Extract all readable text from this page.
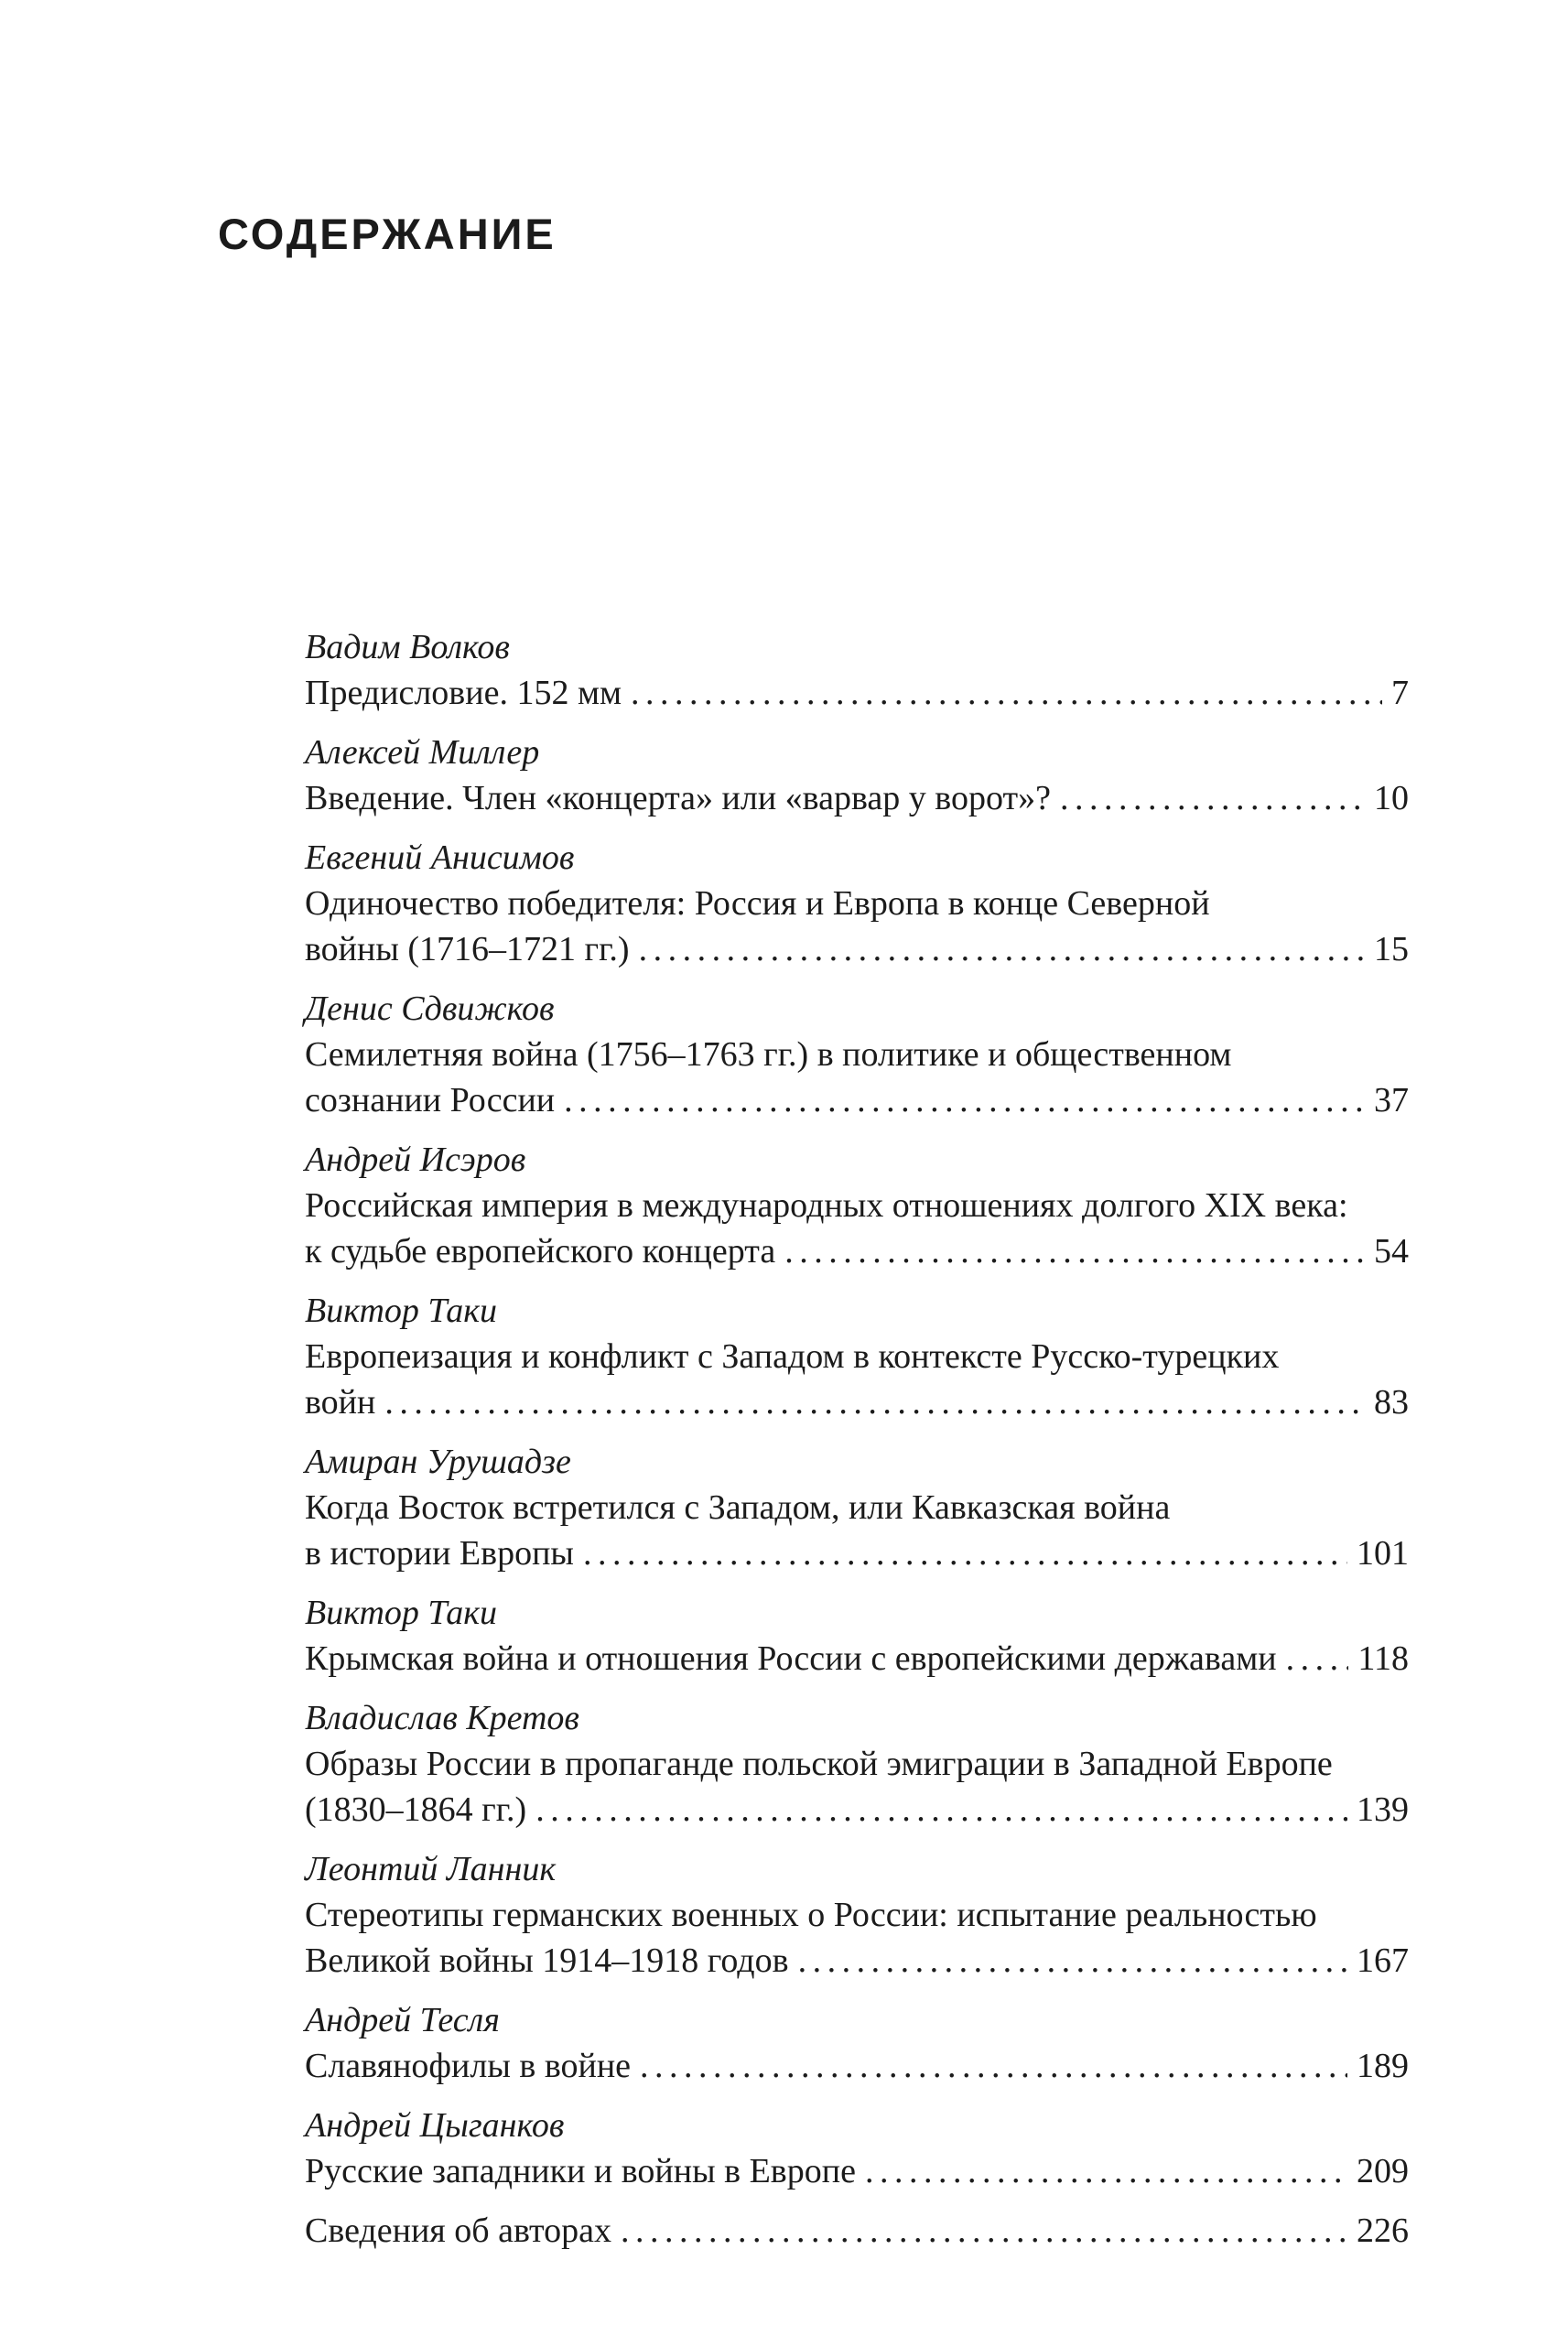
СОДЕРЖАНИЕ
Вадим Волков
Предисловие. 152 мм .....	7
Алексей Миллер
Введение. Член «концерта» или «варвар у ворот»? .....	10
Евгений Анисимов
Одиночество победителя: Россия и Европа в конце Северной
войны (1716–1721 гг.) .....	15
Денис Сдвижков
Семилетняя война (1756–1763 гг.) в политике и общественном
сознании России .....	37
Андрей Исэров
Российская империя в международных отношениях долгого XIX века:
к судьбе европейского концерта .....	54
Виктор Таки
Европеизация и конфликт с Западом в контексте Русско-турецких
войн .....	83
Амиран Урушадзе
Когда Восток встретился с Западом, или Кавказская война
в истории Европы .....	101
Виктор Таки
Крымская война и отношения России с европейскими державами ..... 118
Владислав Кретов
Образы России в пропаганде польской эмиграции в Западной Европе
(1830–1864 гг.) .....	139
Леонтий Ланник
Стереотипы германских военных о России: испытание реальностью
Великой войны 1914–1918 годов .....	167
Андрей Тесля
Славянофилы в войне .....	189
Андрей Цыганков
Русские западники и войны в Европе .....	209
Сведения об авторах .....	226
